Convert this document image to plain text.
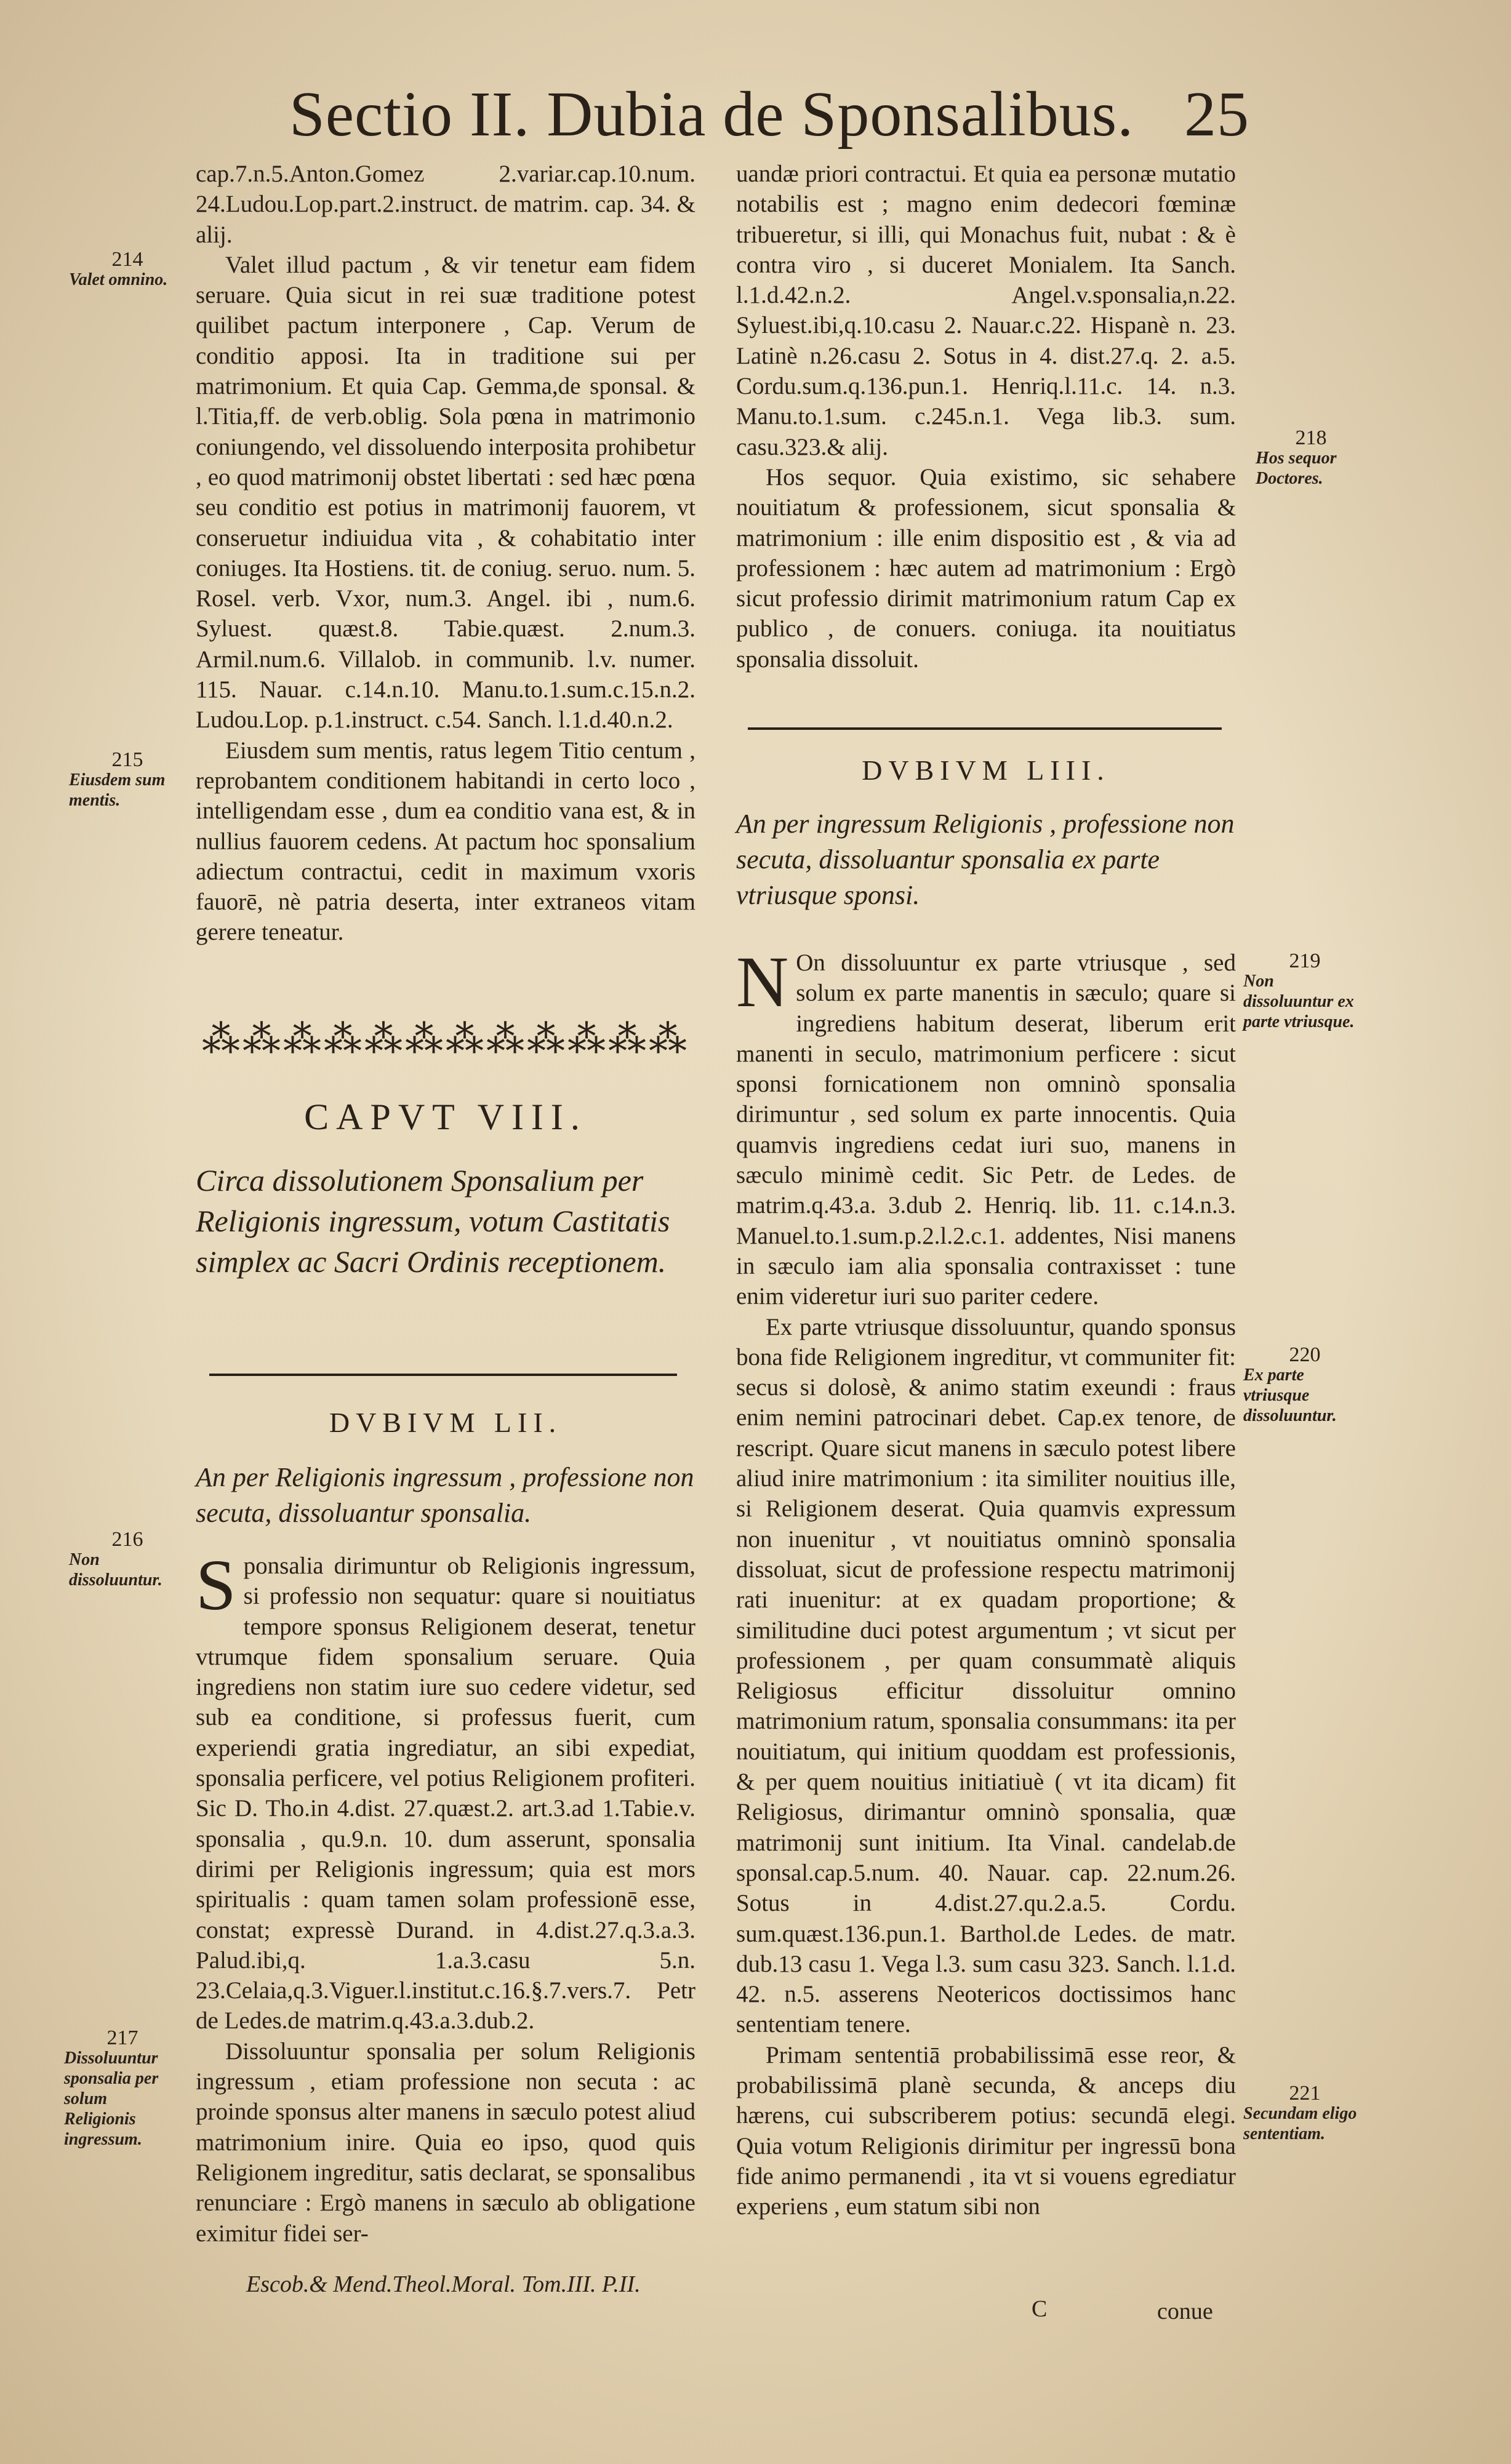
Sectio II. Dubia de Sponsalibus. 25

cap.7.n.5.Anton.Gomez 2.variar.cap.10.num. 24.Ludou.Lop.part.2.instruct. de matrim. cap. 34. & alij.

Valet illud pactum , & vir tenetur eam fidem seruare. Quia sicut in rei suæ traditione potest quilibet pactum interponere , Cap. Verum de conditio apposi. Ita in traditione sui per matrimonium. Et quia Cap. Gemma,de sponsal. & l.Titia,ff. de verb.oblig. Sola pœna in matrimonio coniungendo, vel dissoluendo interposita prohibetur , eo quod matrimonij obstet libertati : sed hæc pœna seu conditio est potius in matrimonij fauorem, vt conseruetur indiuidua vita , & cohabitatio inter coniuges. Ita Hostiens. tit. de coniug. seruo. num. 5. Rosel. verb. Vxor, num.3. Angel. ibi , num.6. Syluest. quæst.8. Tabie.quæst. 2.num.3. Armil.num.6. Villalob. in communib. l.v. numer. 115. Nauar. c.14.n.10. Manu.to.1.sum.c.15.n.2. Ludou.Lop. p.1.instruct. c.54. Sanch. l.1.d.40.n.2.

Eiusdem sum mentis, ratus legem Titio centum , reprobantem conditionem habitandi in certo loco , intelligendam esse , dum ea conditio vana est, & in nullius fauorem cedens. At pactum hoc sponsalium adiectum contractui, cedit in maximum vxoris fauorē, nè patria deserta, inter extraneos vitam gerere teneatur.

214
Valet omnino.
215
Eiusdem sum mentis.
216
Non dissoluuntur.
217
Dissoluuntur sponsalia per solum Religionis ingressum.
218
Hos sequor Doctores.
219
Non dissoluuntur ex parte vtriusque.
220
Ex parte vtriusque dissoluuntur.
221
Secundam eligo sententiam.
⁂⁂⁂⁂⁂⁂⁂⁂⁂⁂⁂⁂
CAPVT VIII.
Circa dissolutionem Sponsalium per Religionis ingressum, votum Castitatis simplex ac Sacri Ordinis receptionem.
DVBIVM LII.
An per Religionis ingressum , professione non secuta, dissoluantur sponsalia.

Sponsalia dirimuntur ob Religionis ingressum, si professio non sequatur: quare si nouitiatus tempore sponsus Religionem deserat, tenetur vtrumque fidem sponsalium seruare. Quia ingrediens non statim iure suo cedere videtur, sed sub ea conditione, si professus fuerit, cum experiendi gratia ingrediatur, an sibi expediat, sponsalia perficere, vel potius Religionem profiteri. Sic D. Tho.in 4.dist. 27.quæst.2. art.3.ad 1.Tabie.v. sponsalia , qu.9.n. 10. dum asserunt, sponsalia dirimi per Religionis ingressum; quia est mors spiritualis : quam tamen solam professionē esse, constat; expressè Durand. in 4.dist.27.q.3.a.3. Palud.ibi,q. 1.a.3.casu 5.n. 23.Celaia,q.3.Viguer.l.institut.c.16.§.7.vers.7. Petr de Ledes.de matrim.q.43.a.3.dub.2.

Dissoluuntur sponsalia per solum Religionis ingressum , etiam professione non secuta : ac proinde sponsus alter manens in sæculo potest aliud matrimonium inire. Quia eo ipso, quod quis Religionem ingreditur, satis declarat, se sponsalibus renunciare : Ergò manens in sæculo ab obligatione eximitur fidei ser-

uandæ priori contractui. Et quia ea personæ mutatio notabilis est ; magno enim dedecori fœminæ tribueretur, si illi, qui Monachus fuit, nubat : & è contra viro , si duceret Monialem. Ita Sanch. l.1.d.42.n.2. Angel.v.sponsalia,n.22. Syluest.ibi,q.10.casu 2. Nauar.c.22. Hispanè n. 23. Latinè n.26.casu 2. Sotus in 4. dist.27.q. 2. a.5. Cordu.sum.q.136.pun.1. Henriq.l.11.c. 14. n.3. Manu.to.1.sum. c.245.n.1. Vega lib.3. sum. casu.323.& alij.

Hos sequor. Quia existimo, sic sehabere nouitiatum & professionem, sicut sponsalia & matrimonium : ille enim dispositio est , & via ad professionem : hæc autem ad matrimonium : Ergò sicut professio dirimit matrimonium ratum Cap ex publico , de conuers. coniuga. ita nouitiatus sponsalia dissoluit.

DVBIVM LIII.
An per ingressum Religionis , professione non secuta, dissoluantur sponsalia ex parte vtriusque sponsi.

N On dissoluuntur ex parte vtriusque , sed solum ex parte manentis in sæculo; quare si ingrediens habitum deserat, liberum erit manenti in seculo, matrimonium perficere : sicut sponsi fornicationem non omninò sponsalia dirimuntur , sed solum ex parte innocentis. Quia quamvis ingrediens cedat iuri suo, manens in sæculo minimè cedit. Sic Petr. de Ledes. de matrim.q.43.a. 3.dub 2. Henriq. lib. 11. c.14.n.3. Manuel.to.1.sum.p.2.l.2.c.1. addentes, Nisi manens in sæculo iam alia sponsalia contraxisset : tune enim videretur iuri suo pariter cedere.

Ex parte vtriusque dissoluuntur, quando sponsus bona fide Religionem ingreditur, vt communiter fit: secus si dolosè, & animo statim exeundi : fraus enim nemini patrocinari debet. Cap.ex tenore, de rescript. Quare sicut manens in sæculo potest libere aliud inire matrimonium : ita similiter nouitius ille, si Religionem deserat. Quia quamvis expressum non inuenitur , vt nouitiatus omninò sponsalia dissoluat, sicut de professione respectu matrimonij rati inuenitur: at ex quadam proportione; & similitudine duci potest argumentum ; vt sicut per professionem , per quam consummatè aliquis Religiosus efficitur dissoluitur omnino matrimonium ratum, sponsalia consummans: ita per nouitiatum, qui initium quoddam est professionis, & per quem nouitius initiatiuè ( vt ita dicam) fit Religiosus, dirimantur omninò sponsalia, quæ matrimonij sunt initium. Ita Vinal. candelab.de sponsal.cap.5.num. 40. Nauar. cap. 22.num.26. Sotus in 4.dist.27.qu.2.a.5. Cordu. sum.quæst.136.pun.1. Barthol.de Ledes. de matr. dub.13 casu 1. Vega l.3. sum casu 323. Sanch. l.1.d. 42. n.5. asserens Neotericos doctissimos hanc sententiam tenere.

Primam sententiā probabilissimā esse reor, & probabilissimā planè secunda, & anceps diu hærens, cui subscriberem potius: secundā elegi. Quia votum Religionis dirimitur per ingressū bona fide animo permanendi , ita vt si vouens egrediatur experiens , eum statum sibi non

Escob.& Mend.Theol.Moral. Tom.III. P.II.
C	conue
